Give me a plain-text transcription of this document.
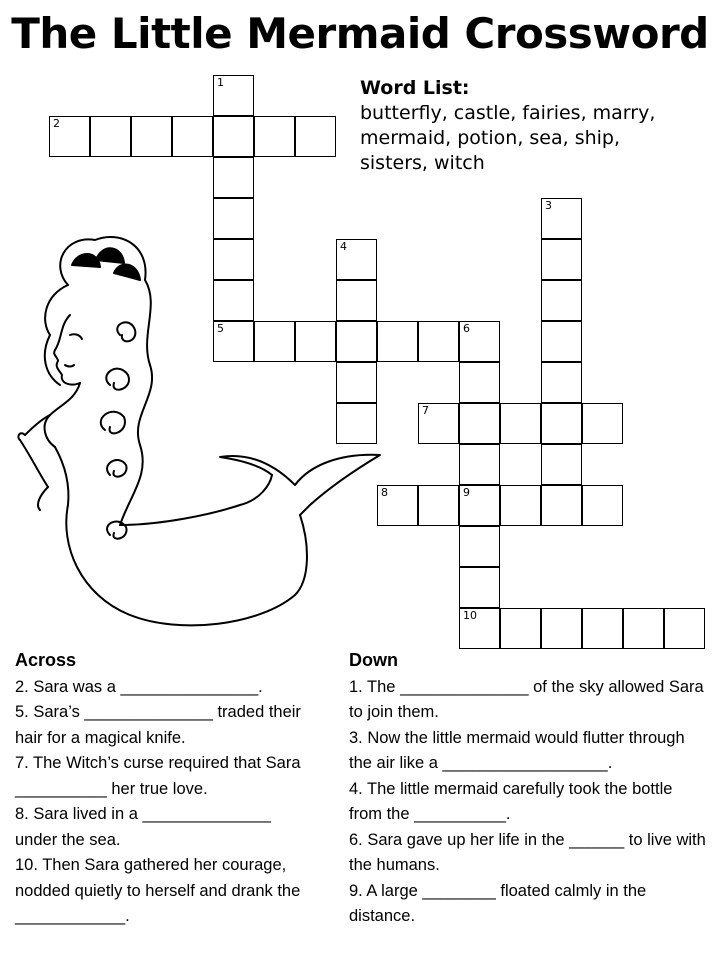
The Little Mermaid Crossword
Word List:
butterfly, castle, fairies, marry,
mermaid, potion, sea, ship,
sisters, witch
2
1
5	6
3
4
7
8	9
10
Across

2. Sara was a _______________.

5. Sara’s ______________ traded their hair for a magical knife.

7. The Witch’s curse required that Sara __________ her true love.

8. Sara lived in a ______________ under the sea.

10. Then Sara gathered her courage, nodded quietly to herself and drank the ____________.

Down

1. The ______________ of the sky allowed Sara to join them.

3. Now the little mermaid would flutter through the air like a __________________.

4. The little mermaid carefully took the bottle from the __________.

6. Sara gave up her life in the ______ to live with the humans.

9. A large ________ floated calmly in the distance.
